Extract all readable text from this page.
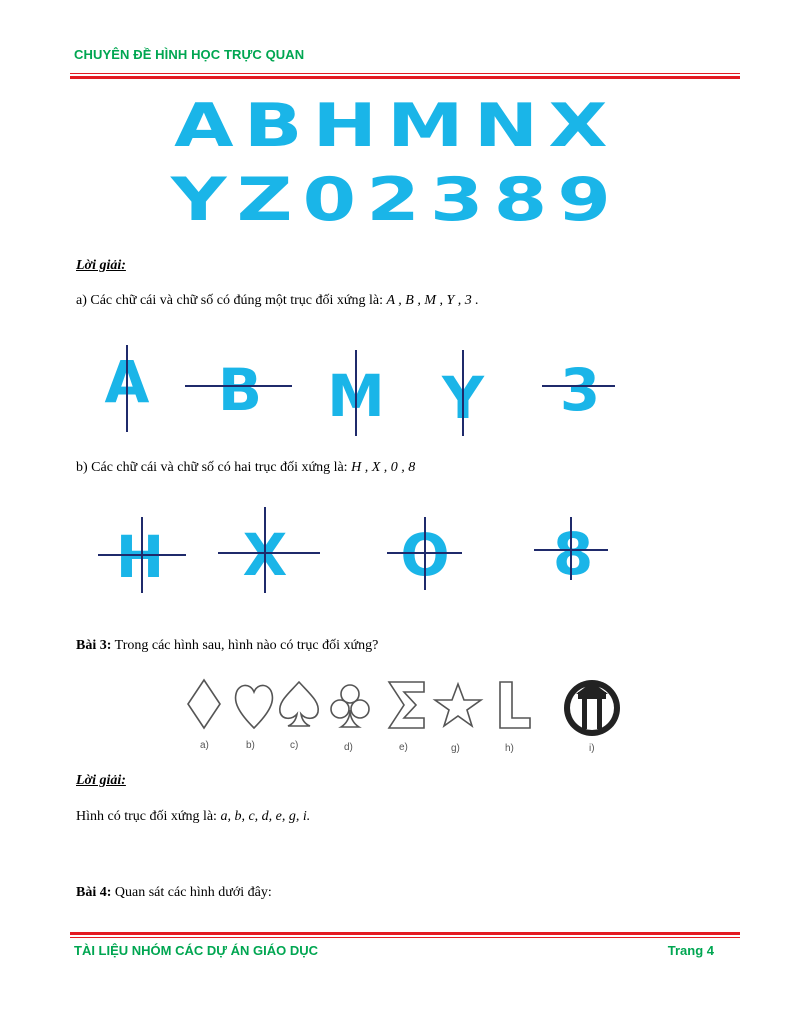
CHUYÊN ĐỀ HÌNH HỌC TRỰC QUAN
ABHMNX
YZ02389
Lời giải:
a) Các chữ cái và chữ số có đúng một trục đối xứng là: A , B , M , Y , 3 .
A B M Y 3
b) Các chữ cái và chữ số có hai trục đối xứng là: H , X , 0 , 8
H X O 8
Bài 3: Trong các hình sau, hình nào có trục đối xứng?
a)	b)	c)	d)	e)	g)	h)	i)
Lời giải:
Hình có trục đối xứng là: a, b, c, d, e, g, i.
Bài 4: Quan sát các hình dưới đây:
TÀI LIỆU NHÓM CÁC DỰ ÁN GIÁO DỤC	Trang 4
